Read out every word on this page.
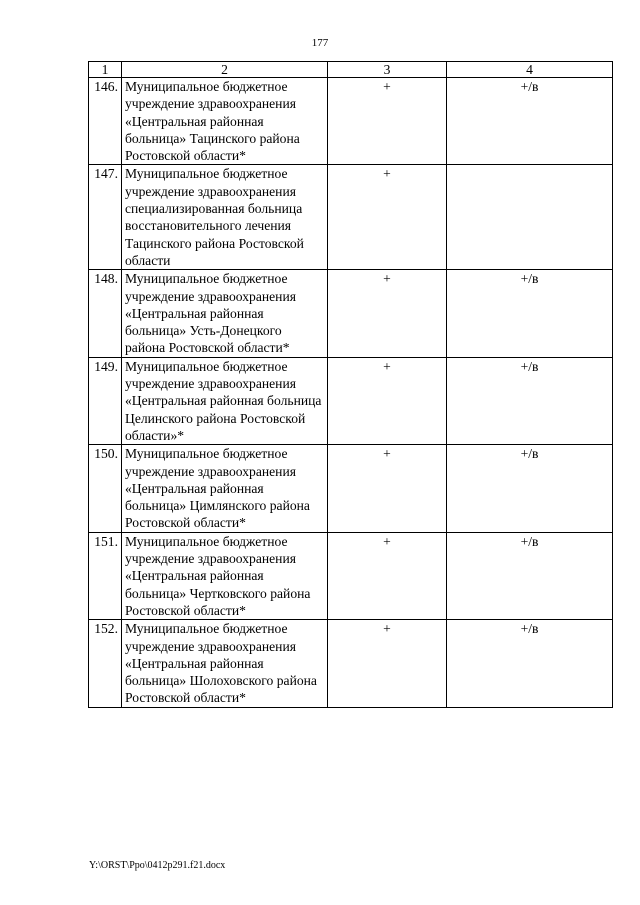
177
1	2	3	4
146.	Муниципальное бюджетное учреждение здравоохранения «Центральная районная больница» Тацинского района Ростовской области*	+	+/в
147.	Муниципальное бюджетное учреждение здравоохранения специализированная больница восстановительного лечения Тацинского района Ростовской области	+	
148.	Муниципальное бюджетное учреждение здравоохранения «Центральная районная больница» Усть-Донецкого района Ростовской области*	+	+/в
149.	Муниципальное бюджетное учреждение здравоохранения «Центральная районная больница Целинского района Ростовской области»*	+	+/в
150.	Муниципальное бюджетное учреждение здравоохранения «Центральная районная больница» Цимлянского района Ростовской области*	+	+/в
151.	Муниципальное бюджетное учреждение здравоохранения «Центральная районная больница» Чертковского района Ростовской области*	+	+/в
152.	Муниципальное бюджетное учреждение здравоохранения «Центральная районная больница» Шолоховского района Ростовской области*	+	+/в
Y:\ORST\Ppo\0412p291.f21.docx
